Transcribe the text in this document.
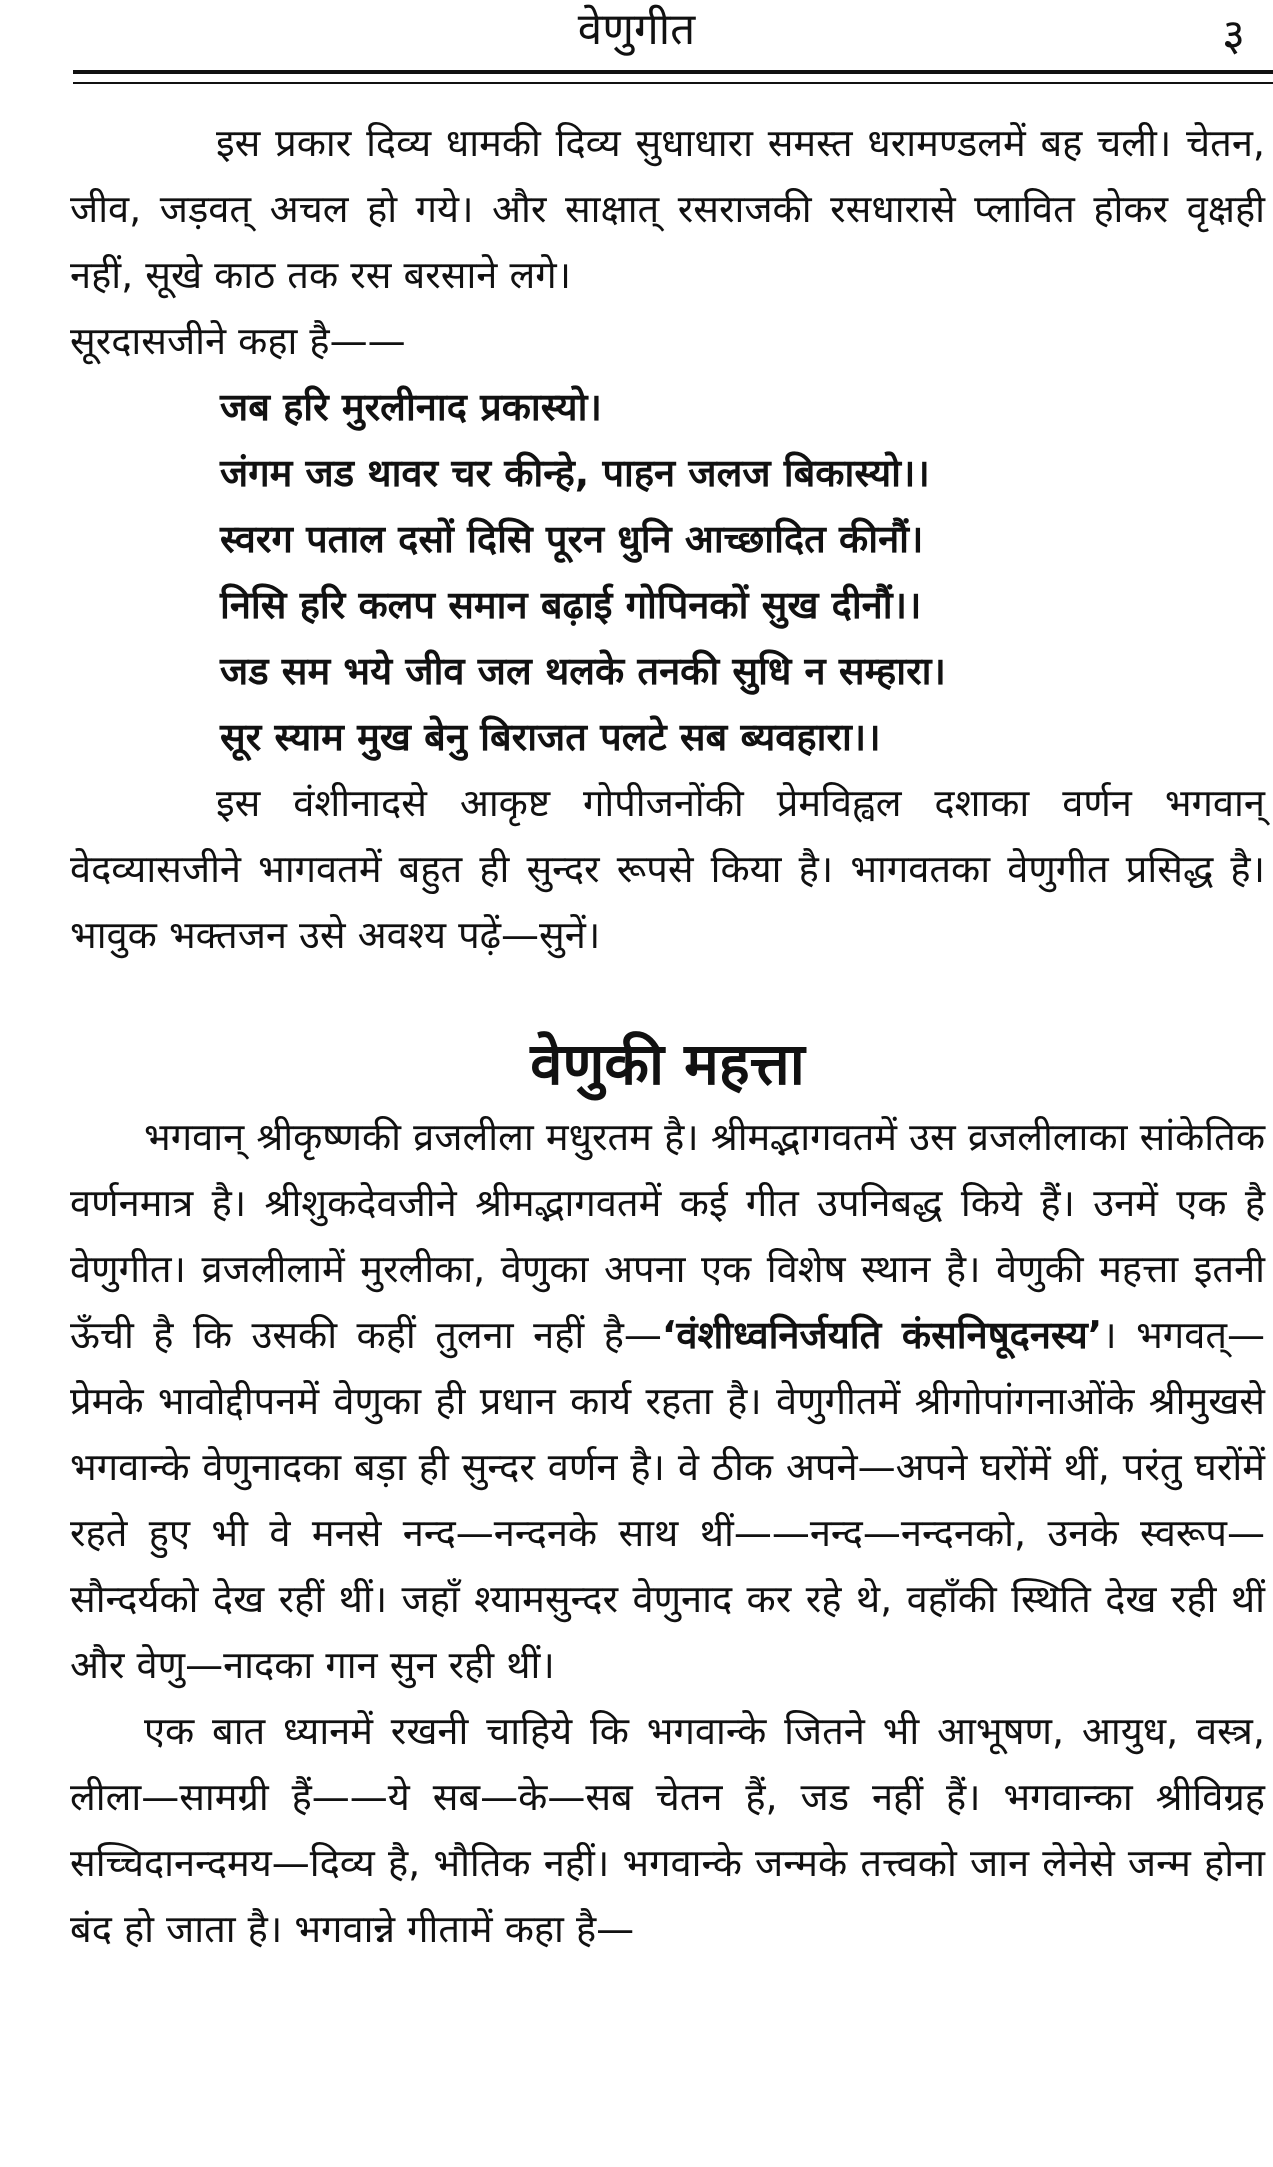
वेणुगीत	३

इस प्रकार दिव्य धामकी दिव्य सुधाधारा समस्त धरामण्डलमें बह चली। चेतन, जीव, जड़वत् अचल हो गये। और साक्षात् रसराजकी रसधारासे प्लावित होकर वृक्षही नहीं, सूखे काठ तक रस बरसाने लगे।

सूरदासजीने कहा है——

जब हरि मुरलीनाद प्रकास्यो।

जंगम जड थावर चर कीन्हे, पाहन जलज बिकास्यो।।

स्वरग पताल दसों दिसि पूरन धुनि आच्छादित कीनौं।

निसि हरि कलप समान बढ़ाई गोपिनकों सुख दीनौं।।

जड सम भये जीव जल थलके तनकी सुधि न सम्हारा।

सूर स्याम मुख बेनु बिराजत पलटे सब ब्यवहारा।।

इस वंशीनादसे आकृष्ट गोपीजनोंकी प्रेमविह्वल दशाका वर्णन भगवान् वेदव्यासजीने भागवतमें बहुत ही सुन्दर रूपसे किया है। भागवतका वेणुगीत प्रसिद्ध है। भावुक भक्तजन उसे अवश्य पढ़ें—सुनें।

वेणुकी महत्ता

भगवान् श्रीकृष्णकी व्रजलीला मधुरतम है। श्रीमद्भागवतमें उस व्रजलीलाका सांकेतिक वर्णनमात्र है। श्रीशुकदेवजीने श्रीमद्भागवतमें कई गीत उपनिबद्ध किये हैं। उनमें एक है वेणुगीत। व्रजलीलामें मुरलीका, वेणुका अपना एक विशेष स्थान है। वेणुकी महत्ता इतनी ऊँची है कि उसकी कहीं तुलना नहीं है—‘वंशीध्वनिर्जयति कंसनिषूदनस्य’। भगवत्—प्रेमके भावोद्दीपनमें वेणुका ही प्रधान कार्य रहता है। वेणुगीतमें श्रीगोपांगनाओंके श्रीमुखसे भगवान्के वेणुनादका बड़ा ही सुन्दर वर्णन है। वे ठीक अपने—अपने घरोंमें थीं, परंतु घरोंमें रहते हुए भी वे मनसे नन्द—नन्दनके साथ थीं——नन्द—नन्दनको, उनके स्वरूप—सौन्दर्यको देख रहीं थीं। जहाँ श्यामसुन्दर वेणुनाद कर रहे थे, वहाँकी स्थिति देख रही थीं और वेणु—नादका गान सुन रही थीं।

एक बात ध्यानमें रखनी चाहिये कि भगवान्के जितने भी आभूषण, आयुध, वस्त्र, लीला—सामग्री हैं——ये सब—के—सब चेतन हैं, जड नहीं हैं। भगवान्का श्रीविग्रह सच्चिदानन्दमय—दिव्य है, भौतिक नहीं। भगवान्के जन्मके तत्त्वको जान लेनेसे जन्म होना बंद हो जाता है। भगवान्ने गीतामें कहा है—
